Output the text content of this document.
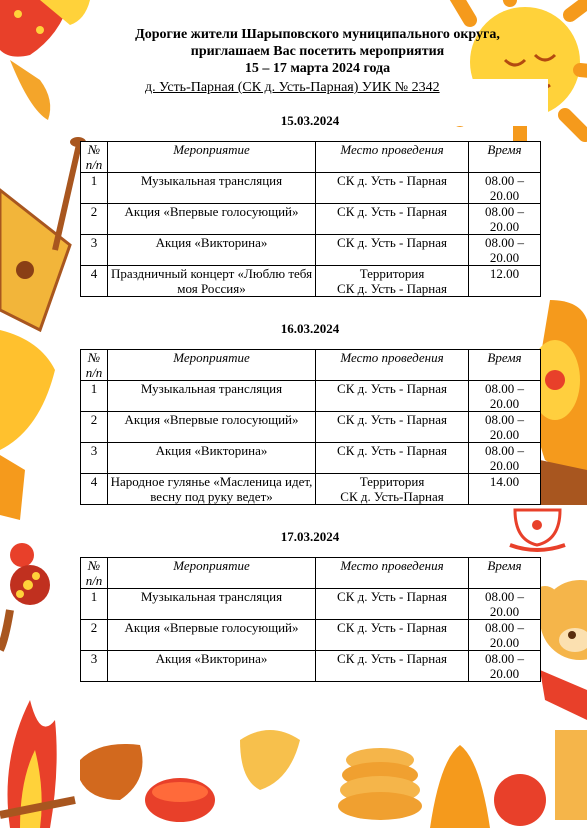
Дорогие жители Шарыповского муниципального округа,
приглашаем Вас посетить мероприятия
15 – 17 марта 2024 года
д. Усть-Парная (СК д. Усть-Парная) УИК № 2342
15.03.2024
№
п/п	Мероприятие	Место проведения	Время
1	Музыкальная трансляция	СК д. Усть - Парная	08.00 – 20.00
2	Акция «Впервые голосующий»	СК д. Усть - Парная	08.00 – 20.00
3	Акция «Викторина»	СК д. Усть - Парная	08.00 – 20.00
4	Праздничный концерт «Люблю тебя моя Россия»	Территория
СК д. Усть - Парная	12.00
16.03.2024
№
п/п	Мероприятие	Место проведения	Время
1	Музыкальная трансляция	СК д. Усть - Парная	08.00 – 20.00
2	Акция «Впервые голосующий»	СК д. Усть - Парная	08.00 – 20.00
3	Акция «Викторина»	СК д. Усть - Парная	08.00 – 20.00
4	Народное гулянье «Масленица идет, весну под руку ведет»	Территория
СК д. Усть-Парная	14.00
17.03.2024
№
п/п	Мероприятие	Место проведения	Время
1	Музыкальная трансляция	СК д. Усть - Парная	08.00 – 20.00
2	Акция «Впервые голосующий»	СК д. Усть - Парная	08.00 – 20.00
3	Акция «Викторина»	СК д. Усть - Парная	08.00 – 20.00
